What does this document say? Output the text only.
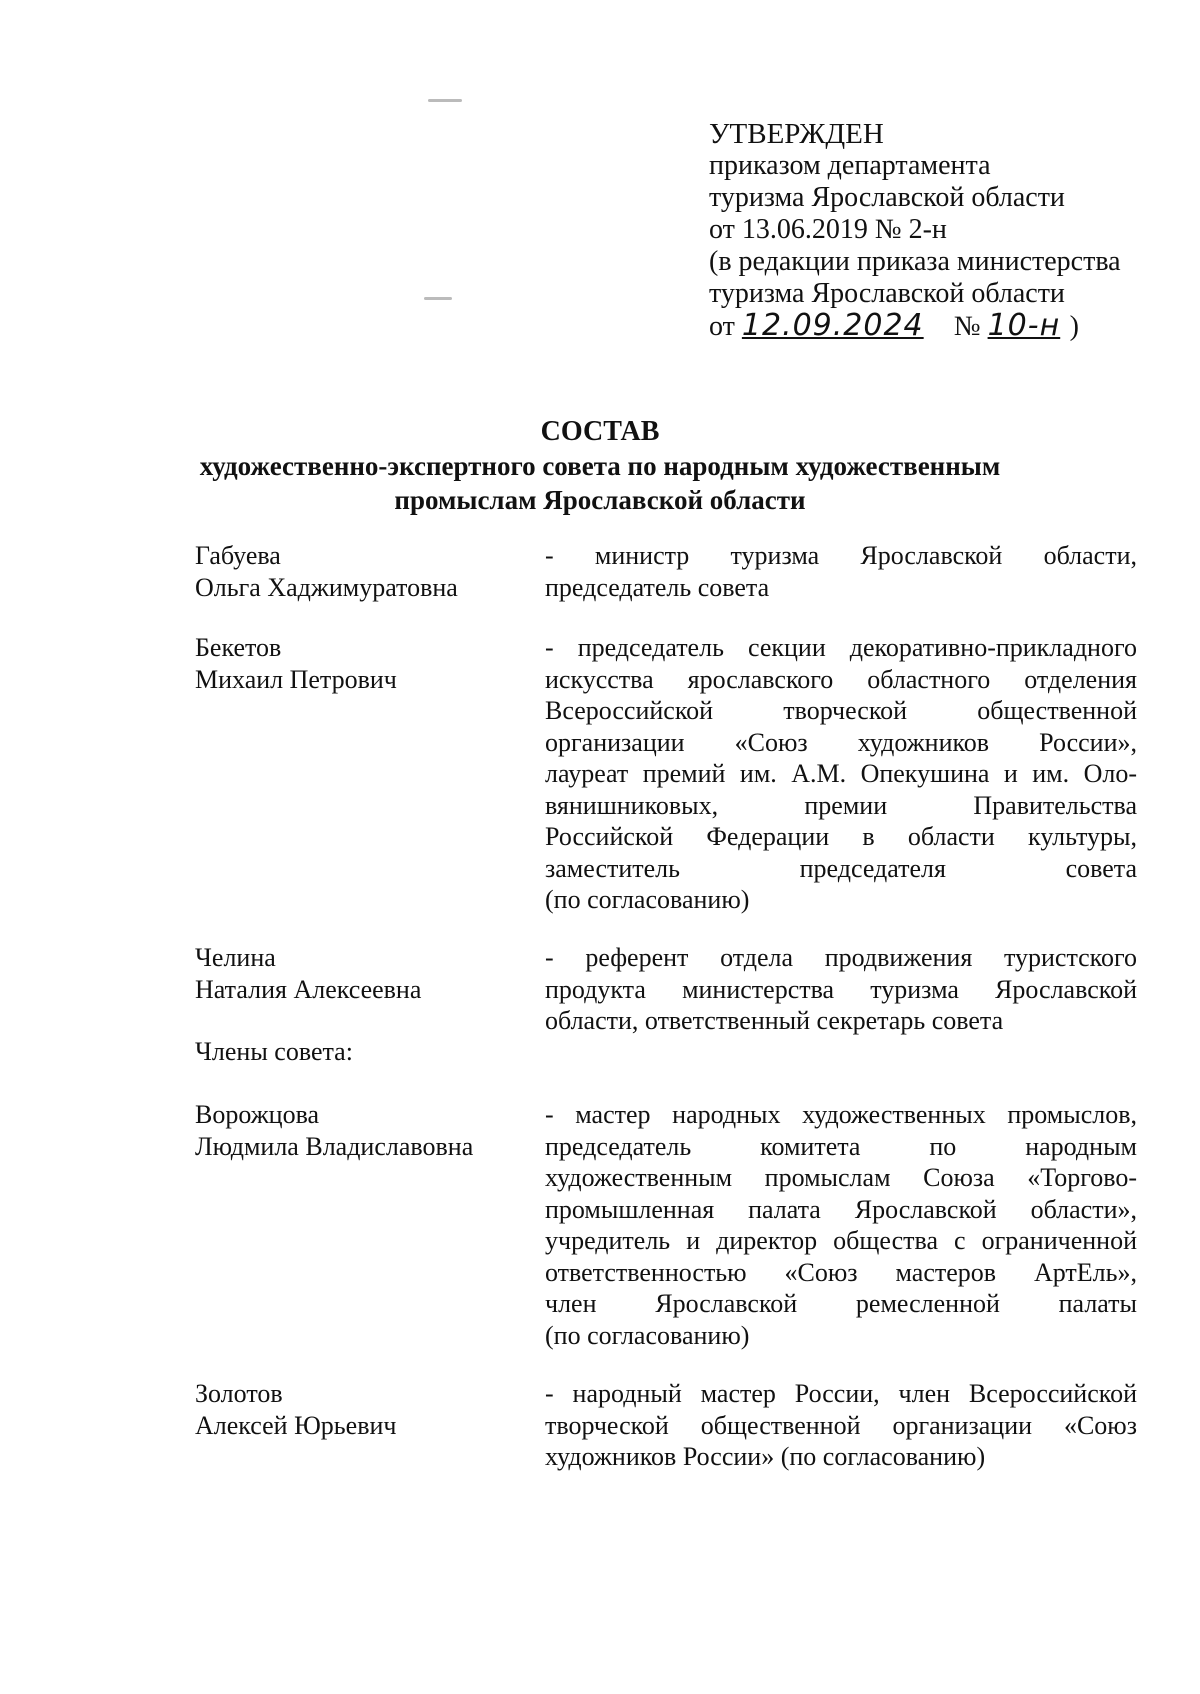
УТВЕРЖДЕН
приказом департамента
туризма Ярославской области
от 13.06.2019 № 2-н
(в редакции приказа министерства
туризма Ярославской области
от 12.09.2024 № 10-н )
СОСТАВ
художественно-экспертного совета по народным художественным
промыслам Ярославской области
Габуева
Ольга Хаджимуратовна
- министр туризма Ярославской области,
председатель совета
Бекетов
Михаил Петрович
- председатель секции декоративно-прикладного
искусства ярославского областного отделения
Всероссийской творческой общественной
организации «Союз художников России»,
лауреат премий им. А.М. Опекушина и им. Оло-
вянишниковых, премии Правительства
Российской Федерации в области культуры,
заместитель председателя совета
(по согласованию)
Челина
Наталия Алексеевна
- референт отдела продвижения туристского
продукта министерства туризма Ярославской
области, ответственный секретарь совета
Члены совета:
Ворожцова
Людмила Владиславовна
- мастер народных художественных промыслов,
председатель комитета по народным
художественным промыслам Союза «Торгово-
промышленная палата Ярославской области»,
учредитель и директор общества с ограниченной
ответственностью «Союз мастеров АртЕль»,
член Ярославской ремесленной палаты
(по согласованию)
Золотов
Алексей Юрьевич
- народный мастер России, член Всероссийской
творческой общественной организации «Союз
художников России» (по согласованию)
